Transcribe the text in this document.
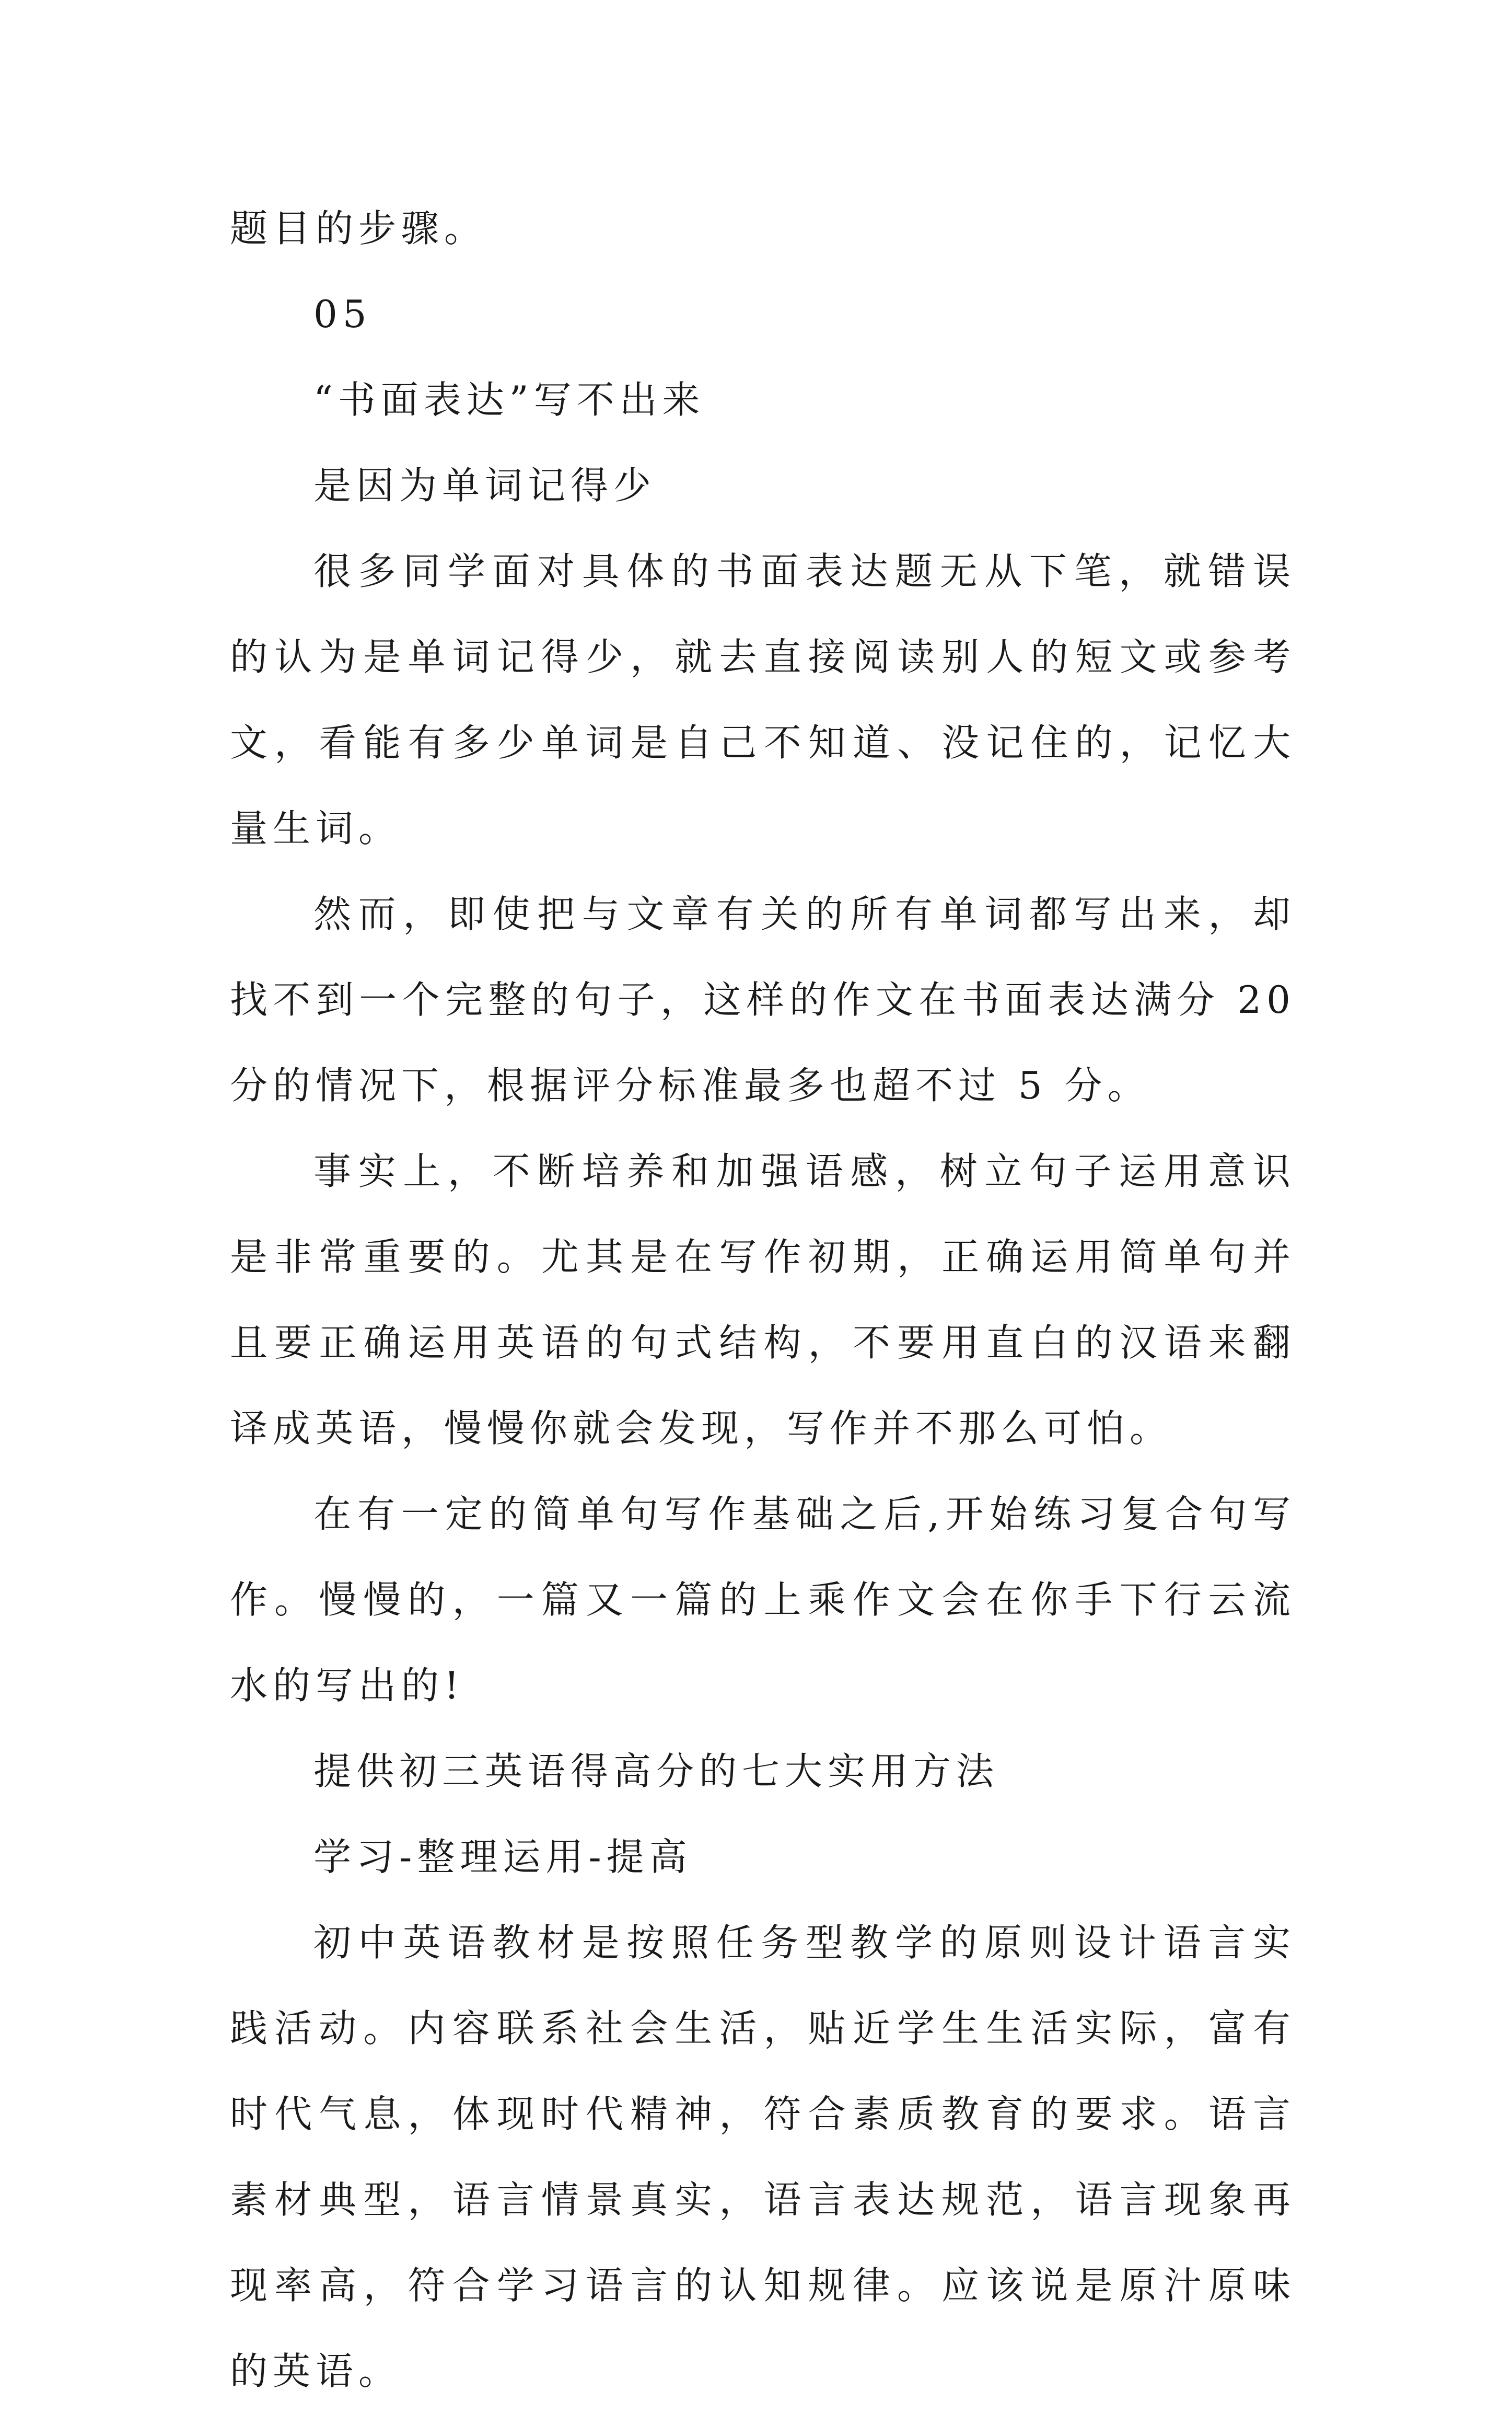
题目的步骤。

05

“书面表达”写不出来

是因为单词记得少

很多同学面对具体的书面表达题无从下笔，就错误的认为是单词记得少，就去直接阅读别人的短文或参考文，看能有多少单词是自己不知道、没记住的，记忆大量生词。

然而，即使把与文章有关的所有单词都写出来，却找不到一个完整的句子，这样的作文在书面表达满分 20 分的情况下，根据评分标准最多也超不过 5 分。

事实上，不断培养和加强语感，树立句子运用意识是非常重要的。尤其是在写作初期，正确运用简单句并且要正确运用英语的句式结构，不要用直白的汉语来翻译成英语，慢慢你就会发现，写作并不那么可怕。

在有一定的简单句写作基础之后,开始练习复合句写作。慢慢的，一篇又一篇的上乘作文会在你手下行云流水的写出的!

提供初三英语得高分的七大实用方法

学习-整理运用-提高

初中英语教材是按照任务型教学的原则设计语言实践活动。内容联系社会生活，贴近学生生活实际，富有时代气息，体现时代精神，符合素质教育的要求。语言素材典型，语言情景真实，语言表达规范，语言现象再现率高，符合学习语言的认知规律。应该说是原汁原味的英语。
